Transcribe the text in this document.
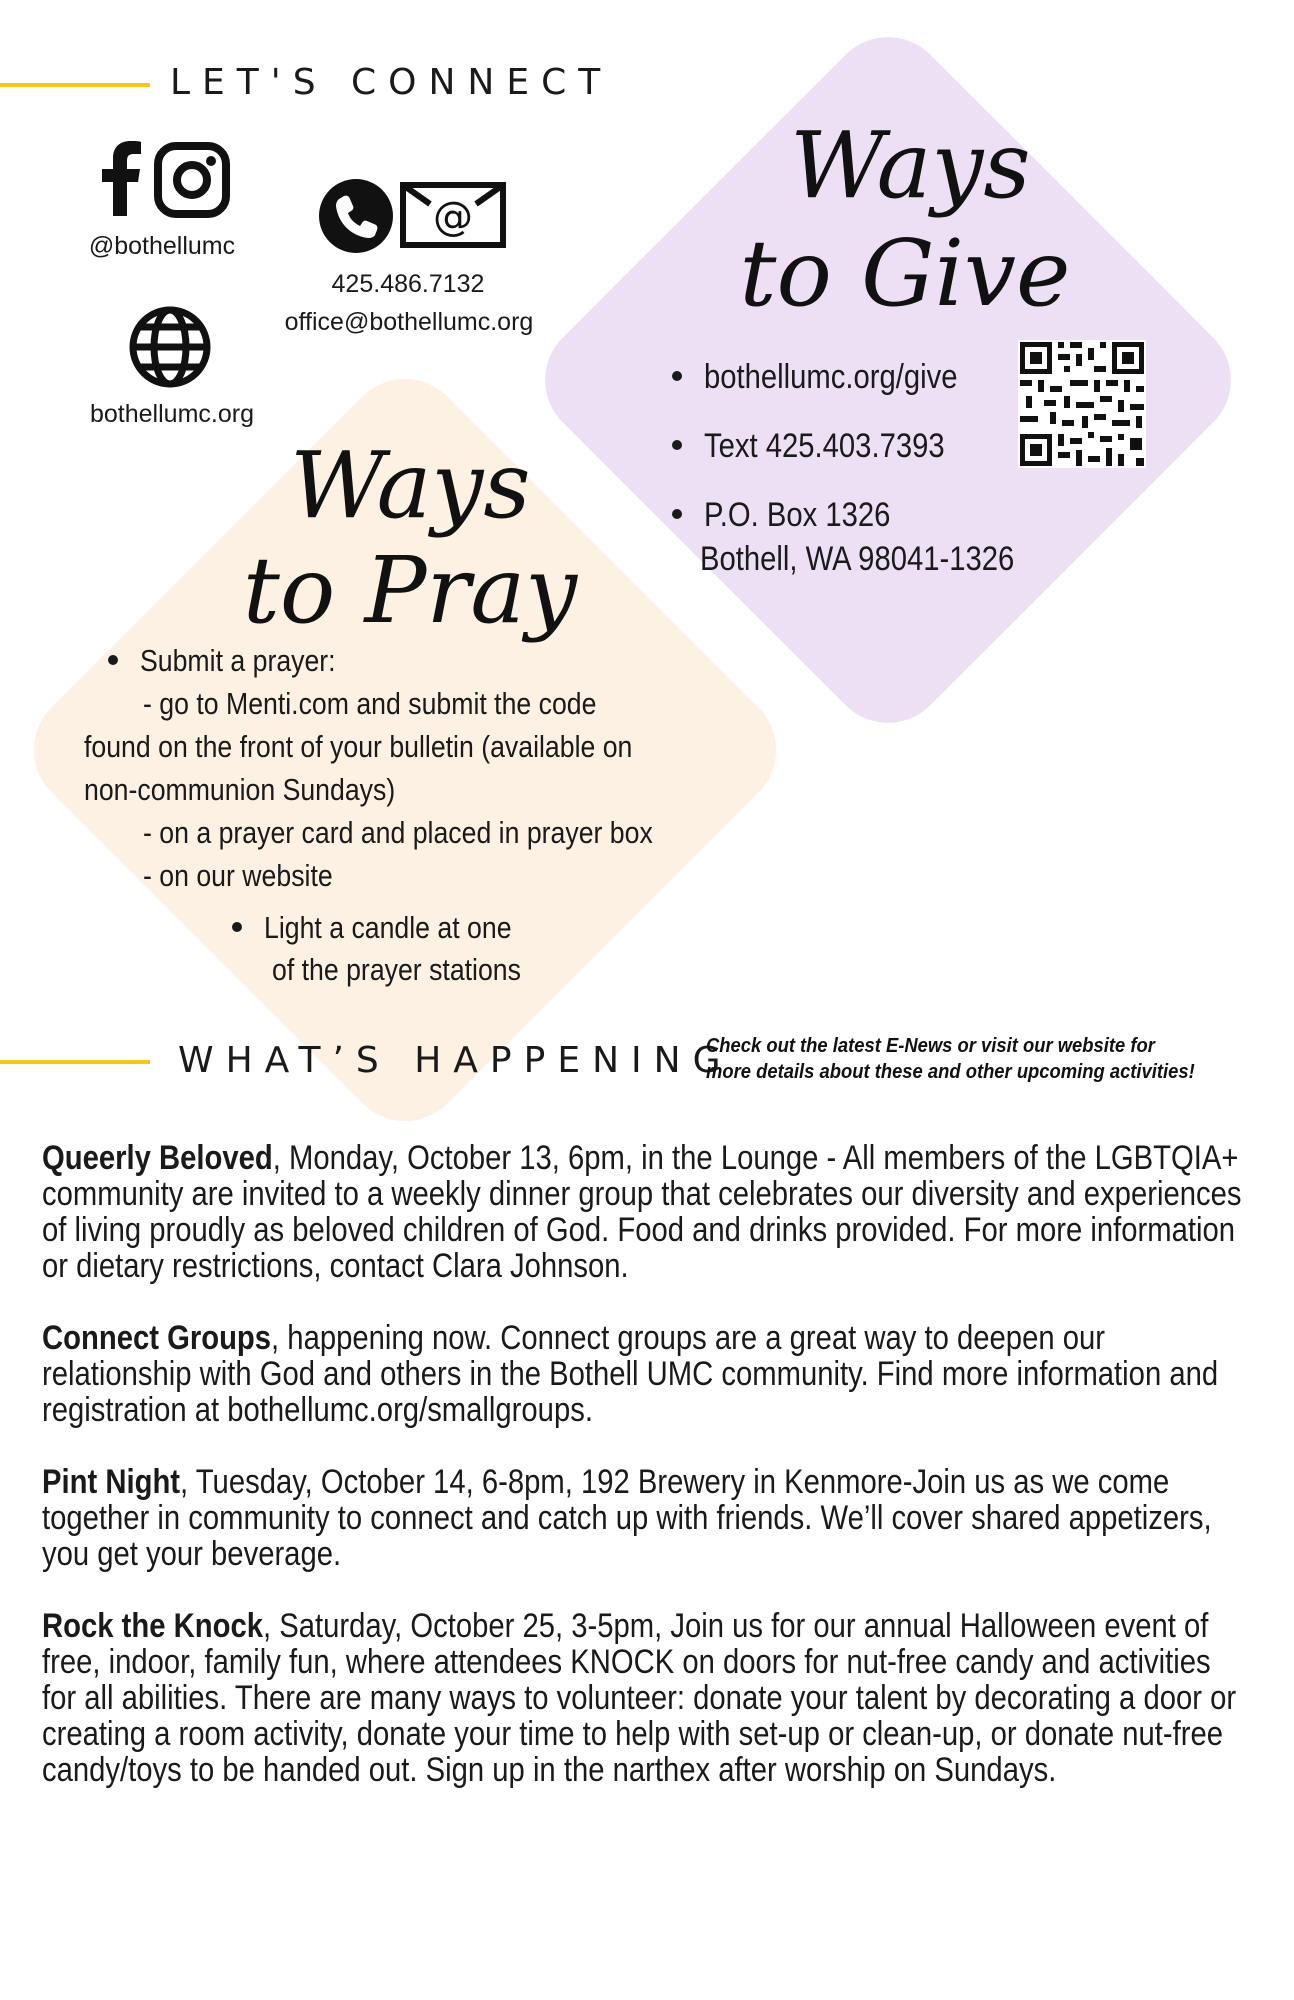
LET'S CONNECT
@bothellumc
bothellumc.org
@
425.486.7132
office@bothellumc.org
Ways
to Give
bothellumc.org/give
Text 425.403.7393
P.O. Box 1326
Bothell, WA 98041-1326
Ways
to Pray
Submit a prayer:
- go to Menti.com and submit the code
found on the front of your bulletin (available on
non-communion Sundays)
- on a prayer card and placed in prayer box
- on our website
Light a candle at one
of the prayer stations
WHAT’S HAPPENING
Check out the latest E-News or visit our website for
more details about these and other upcoming activities!
Queerly Beloved, Monday, October 13, 6pm, in the Lounge - All members of the LGBTQIA+ community are invited to a weekly dinner group that celebrates our diversity and experiences of living proudly as beloved children of God. Food and drinks provided. For more information or dietary restrictions, contact Clara Johnson.
Connect Groups, happening now. Connect groups are a great way to deepen our relationship with God and others in the Bothell UMC community. Find more information and registration at bothellumc.org/smallgroups.
Pint Night, Tuesday, October 14, 6-8pm, 192 Brewery in Kenmore-Join us as we come together in community to connect and catch up with friends. We’ll cover shared appetizers, you get your beverage.
Rock the Knock, Saturday, October 25, 3-5pm, Join us for our annual Halloween event of free, indoor, family fun, where attendees KNOCK on doors for nut-free candy and activities for all abilities. There are many ways to volunteer: donate your talent by decorating a door or creating a room activity, donate your time to help with set-up or clean-up, or donate nut-free candy/toys to be handed out. Sign up in the narthex after worship on Sundays.
